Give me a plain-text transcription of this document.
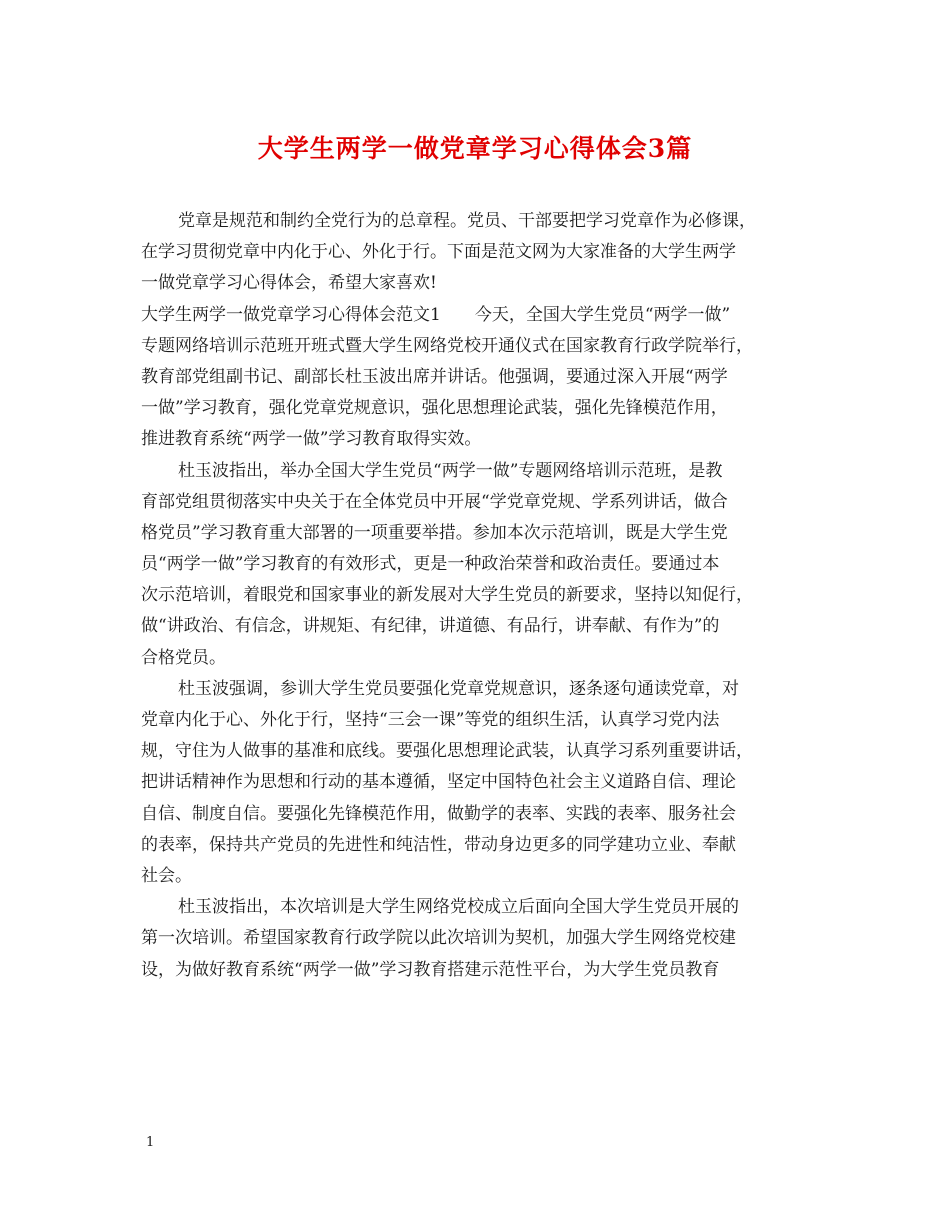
大学生两学一做党章学习心得体会3篇
党章是规范和制约全党行为的总章程。党员、干部要把学习党章作为必修课，
在学习贯彻党章中内化于心、外化于行。下面是范文网为大家准备的大学生两学
一做党章学习心得体会，希望大家喜欢!
大学生两学一做党章学习心得体会范文1　　今天，全国大学生党员“两学一做”
专题网络培训示范班开班式暨大学生网络党校开通仪式在国家教育行政学院举行，
教育部党组副书记、副部长杜玉波出席并讲话。他强调，要通过深入开展“两学
一做”学习教育，强化党章党规意识，强化思想理论武装，强化先锋模范作用，
推进教育系统“两学一做”学习教育取得实效。
杜玉波指出，举办全国大学生党员“两学一做”专题网络培训示范班，是教
育部党组贯彻落实中央关于在全体党员中开展“学党章党规、学系列讲话，做合
格党员”学习教育重大部署的一项重要举措。参加本次示范培训，既是大学生党
员“两学一做”学习教育的有效形式，更是一种政治荣誉和政治责任。要通过本
次示范培训，着眼党和国家事业的新发展对大学生党员的新要求，坚持以知促行，
做“讲政治、有信念，讲规矩、有纪律，讲道德、有品行，讲奉献、有作为”的
合格党员。
杜玉波强调，参训大学生党员要强化党章党规意识，逐条逐句通读党章，对
党章内化于心、外化于行，坚持“三会一课”等党的组织生活，认真学习党内法
规，守住为人做事的基准和底线。要强化思想理论武装，认真学习系列重要讲话，
把讲话精神作为思想和行动的基本遵循，坚定中国特色社会主义道路自信、理论
自信、制度自信。要强化先锋模范作用，做勤学的表率、实践的表率、服务社会
的表率，保持共产党员的先进性和纯洁性，带动身边更多的同学建功立业、奉献
社会。
杜玉波指出，本次培训是大学生网络党校成立后面向全国大学生党员开展的
第一次培训。希望国家教育行政学院以此次培训为契机，加强大学生网络党校建
设，为做好教育系统“两学一做”学习教育搭建示范性平台，为大学生党员教育
1
